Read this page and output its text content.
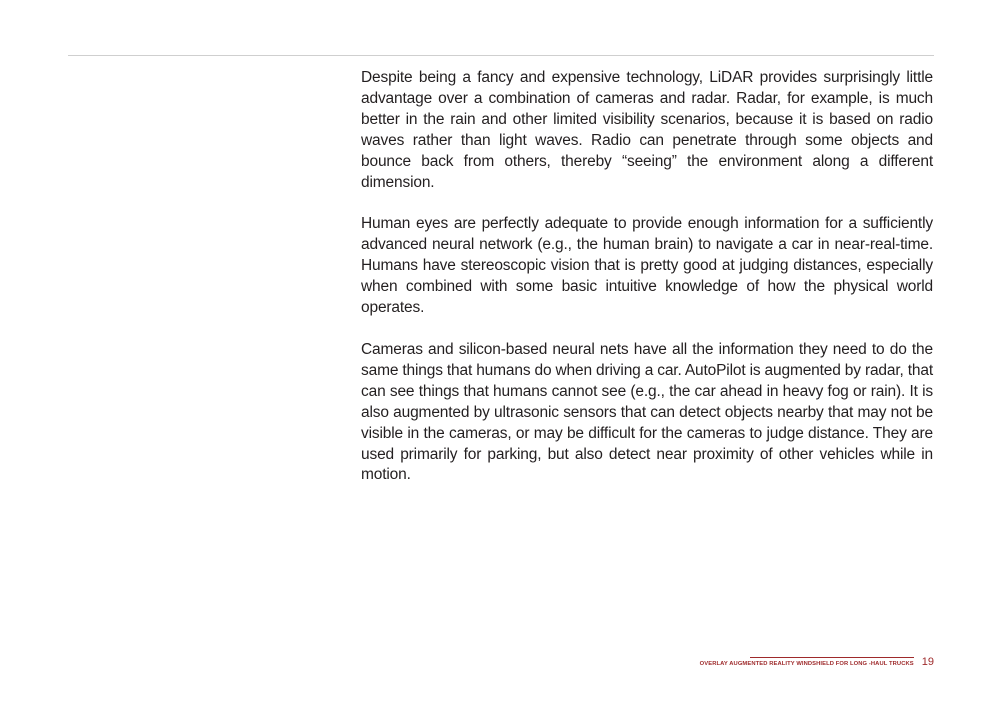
Despite being a fancy and expensive technology, LiDAR provides surprisingly little advantage over a combination of cameras and radar. Radar, for example, is much better in the rain and other limited visibility scenarios, because it is based on radio waves rather than light waves. Radio can penetrate through some objects and bounce back from others, thereby “seeing” the environment along a different dimension.

Human eyes are perfectly adequate to provide enough information for a sufficiently advanced neural network (e.g., the human brain) to navigate a car in near-real-time. Humans have stereoscopic vision that is pretty good at judging distances, especially when combined with some basic intuitive knowledge of how the physical world operates.

Cameras and silicon-based neural nets have all the information they need to do the same things that humans do when driving a car. AutoPilot is augmented by radar, that can see things that humans cannot see (e.g., the car ahead in heavy fog or rain). It is also augmented by ultrasonic sensors that can detect objects nearby that may not be visible in the cameras, or may be difficult for the cameras to judge distance. They are used primarily for parking, but also detect near proximity of other vehicles while in motion.

OVERLAY AUGMENTED REALITY WINDSHIELD FOR LONG -HAUL TRUCKS 19
